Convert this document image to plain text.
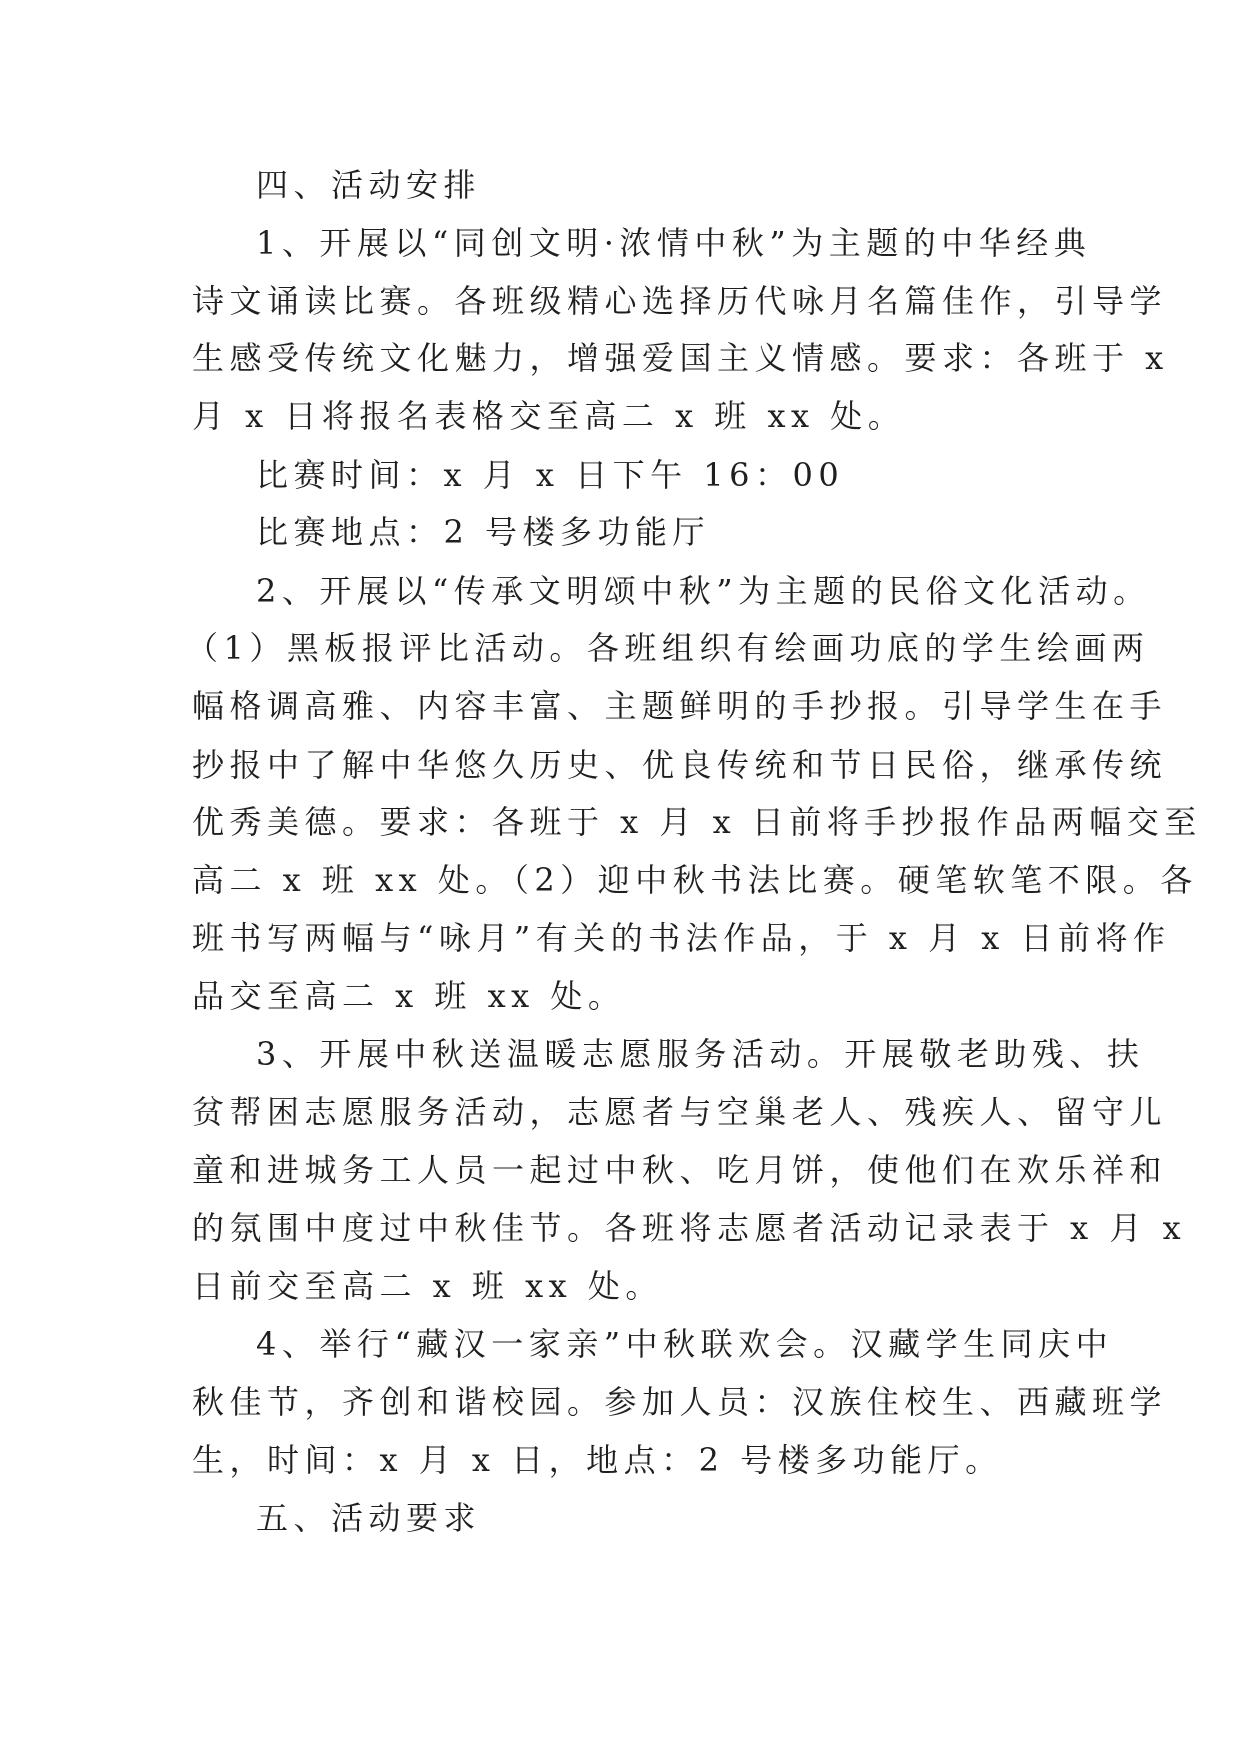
四、活动安排
1、开展以“同创文明·浓情中秋”为主题的中华经典
诗文诵读比赛。各班级精心选择历代咏月名篇佳作，引导学
生感受传统文化魅力，增强爱国主义情感。要求：各班于 x
月 x 日将报名表格交至高二 x 班 xx 处。
比赛时间：x 月 x 日下午 16：00
比赛地点：2 号楼多功能厅
2、开展以“传承文明颂中秋”为主题的民俗文化活动。
（1）黑板报评比活动。各班组织有绘画功底的学生绘画两
幅格调高雅、内容丰富、主题鲜明的手抄报。引导学生在手
抄报中了解中华悠久历史、优良传统和节日民俗，继承传统
优秀美德。要求：各班于 x 月 x 日前将手抄报作品两幅交至
高二 x 班 xx 处。（2）迎中秋书法比赛。硬笔软笔不限。各
班书写两幅与“咏月”有关的书法作品，于 x 月 x 日前将作
品交至高二 x 班 xx 处。
3、开展中秋送温暖志愿服务活动。开展敬老助残、扶
贫帮困志愿服务活动，志愿者与空巢老人、残疾人、留守儿
童和进城务工人员一起过中秋、吃月饼，使他们在欢乐祥和
的氛围中度过中秋佳节。各班将志愿者活动记录表于 x 月 x
日前交至高二 x 班 xx 处。
4、举行“藏汉一家亲”中秋联欢会。汉藏学生同庆中
秋佳节，齐创和谐校园。参加人员：汉族住校生、西藏班学
生，时间：x 月 x 日，地点：2 号楼多功能厅。
五、活动要求
